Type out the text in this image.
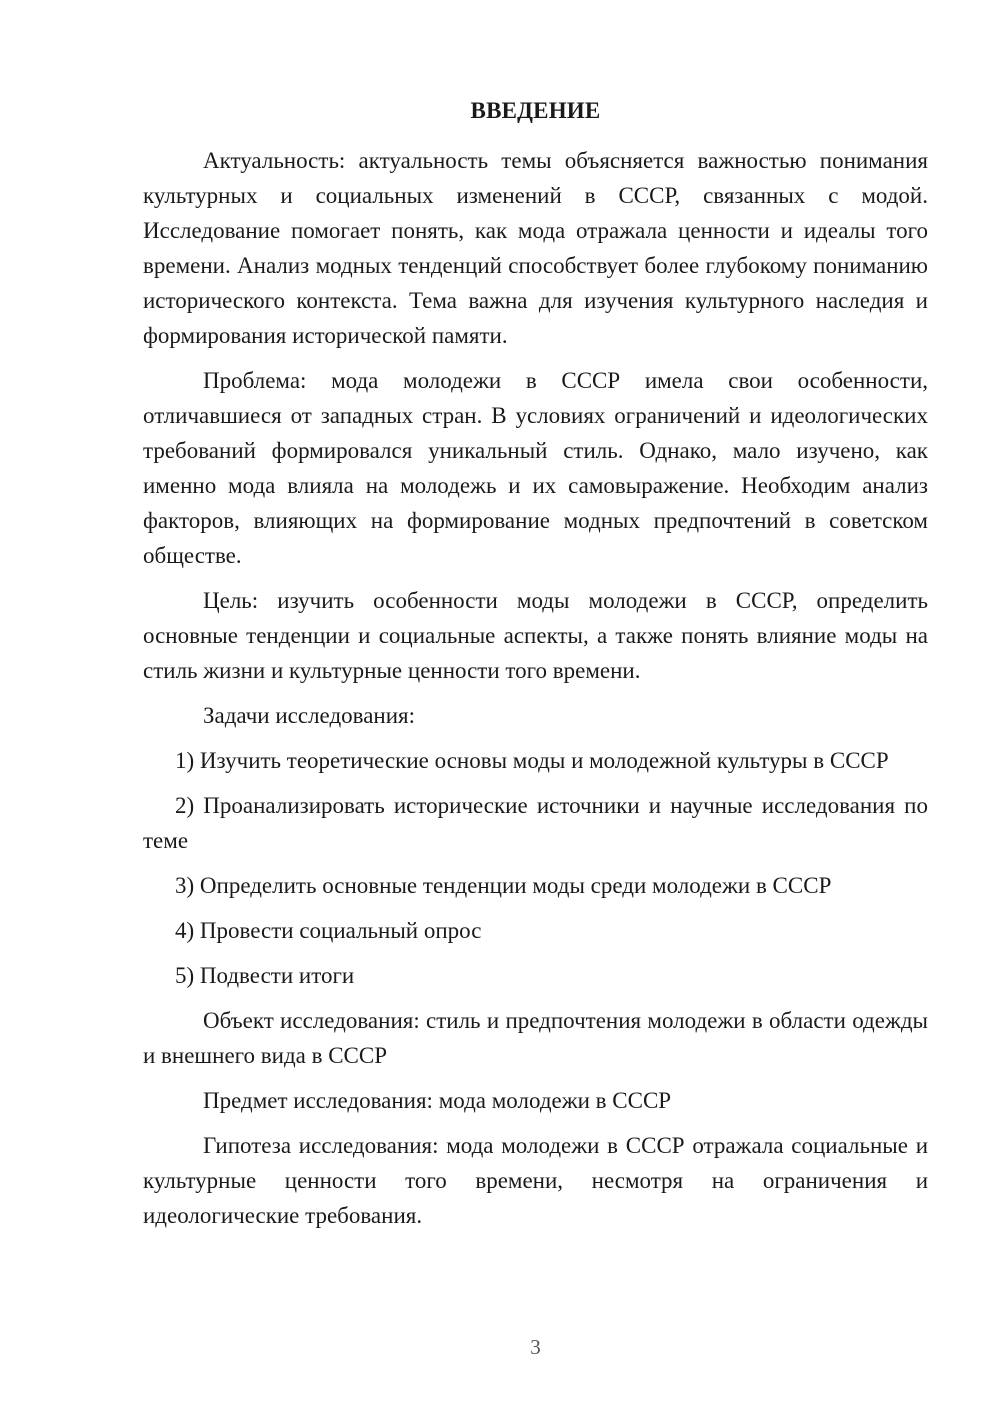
ВВЕДЕНИЕ

Актуальность: актуальность темы объясняется важностью понимания культурных и социальных изменений в СССР, связанных с модой. Исследование помогает понять, как мода отражала ценности и идеалы того времени. Анализ модных тенденций способствует более глубокому пониманию исторического контекста. Тема важна для изучения культурного наследия и формирования исторической памяти.

Проблема: мода молодежи в СССР имела свои особенности, отличавшиеся от западных стран. В условиях ограничений и идеологических требований формировался уникальный стиль. Однако, мало изучено, как именно мода влияла на молодежь и их самовыражение. Необходим анализ факторов, влияющих на формирование модных предпочтений в советском обществе.

Цель: изучить особенности моды молодежи в СССР, определить основные тенденции и социальные аспекты, а также понять влияние моды на стиль жизни и культурные ценности того времени.

Задачи исследования:

1) Изучить теоретические основы моды и молодежной культуры в СССР

2) Проанализировать исторические источники и научные исследования по теме

3) Определить основные тенденции моды среди молодежи в СССР

4) Провести социальный опрос

5) Подвести итоги

Объект исследования: стиль и предпочтения молодежи в области одежды и внешнего вида в СССР

Предмет исследования: мода молодежи в СССР

Гипотеза исследования: мода молодежи в СССР отражала социальные и культурные ценности того времени, несмотря на ограничения и идеологические требования.

3
